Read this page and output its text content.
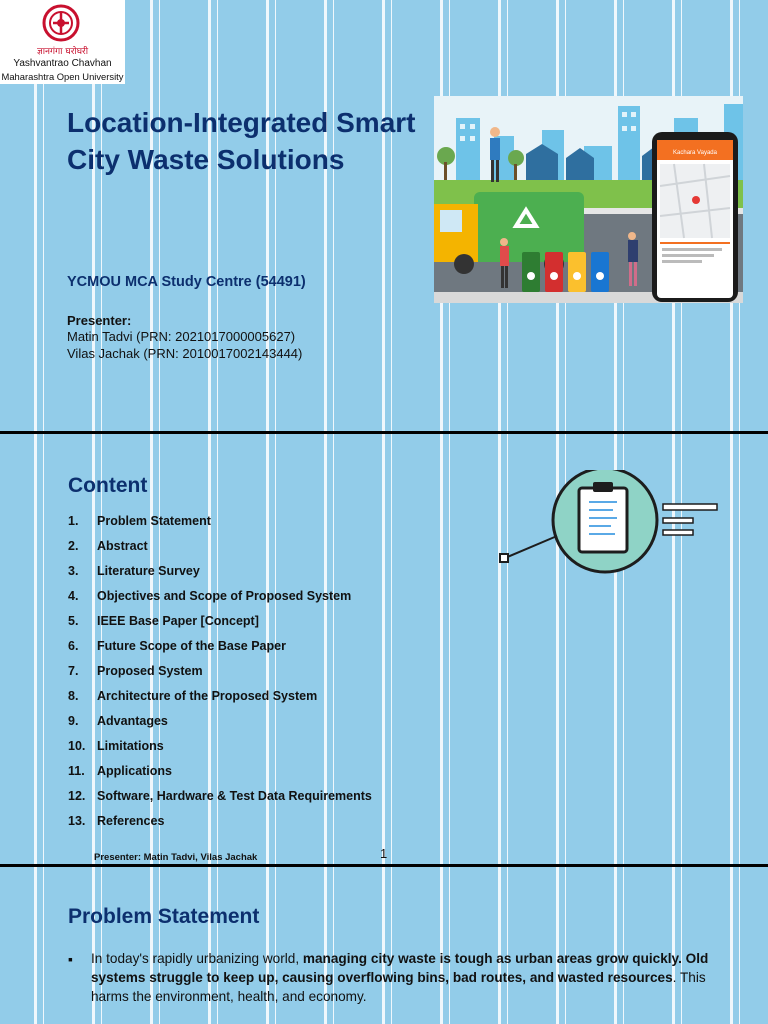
ज्ञानगंगा घरोघरी
Yashvantrao Chavhan
Maharashtra Open University
Location-Integrated Smart City Waste Solutions
YCMOU MCA Study Centre (54491)
Presenter:
Matin Tadvi (PRN: 2021017000005627)
Vilas Jachak (PRN: 2010017002143444)
Kachara Vayada
Content
1.	Problem Statement
2.	Abstract
3.	Literature Survey
4.	Objectives and Scope of Proposed System
5.	IEEE Base Paper [Concept]
6.	Future Scope of the Base Paper
7.	Proposed System
8.	Architecture of the Proposed System
9.	Advantages
10. Limitations
11. Applications
12. Software, Hardware & Test Data Requirements
13. References
Presenter: Matin Tadvi, Vilas Jachak	1
Problem Statement
▪ In today's rapidly urbanizing world, managing city waste is tough as urban areas grow quickly. Old systems struggle to keep up, causing overflowing bins, bad routes, and wasted resources. This harms the environment, health, and economy.
